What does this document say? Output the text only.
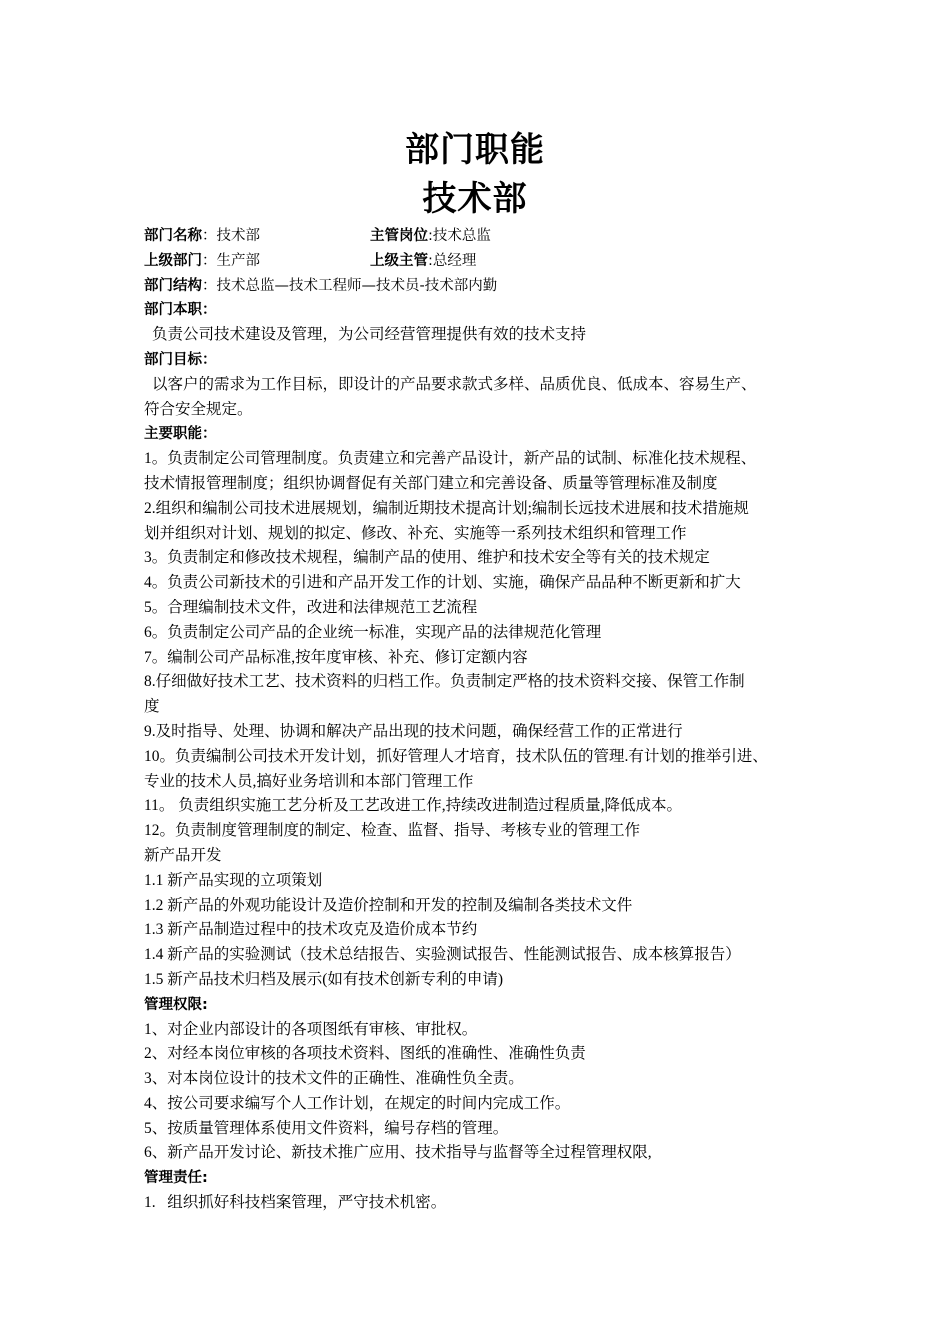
部门职能
技术部
部门名称：技术部	主管岗位:技术总监
上级部门：生产部	上级主管:总经理
部门结构：技术总监—技术工程师—技术员-技术部内勤
部门本职：
负责公司技术建设及管理，为公司经营管理提供有效的技术支持
部门目标：
以客户的需求为工作目标，即设计的产品要求款式多样、品质优良、低成本、容易生产、
符合安全规定。
主要职能：
1。负责制定公司管理制度。负责建立和完善产品设计，新产品的试制、标准化技术规程、
技术情报管理制度；组织协调督促有关部门建立和完善设备、质量等管理标准及制度
2.组织和编制公司技术进展规划，编制近期技术提高计划;编制长远技术进展和技术措施规
划并组织对计划、规划的拟定、修改、补充、实施等一系列技术组织和管理工作
3。负责制定和修改技术规程，编制产品的使用、维护和技术安全等有关的技术规定
4。负责公司新技术的引进和产品开发工作的计划、实施，确保产品品种不断更新和扩大
5。合理编制技术文件，改进和法律规范工艺流程
6。负责制定公司产品的企业统一标准，实现产品的法律规范化管理
7。编制公司产品标准,按年度审核、补充、修订定额内容
8.仔细做好技术工艺、技术资料的归档工作。负责制定严格的技术资料交接、保管工作制
度
9.及时指导、处理、协调和解决产品出现的技术问题，确保经营工作的正常进行
10。负责编制公司技术开发计划，抓好管理人才培育，技术队伍的管理.有计划的推举引进、
专业的技术人员,搞好业务培训和本部门管理工作
11。 负责组织实施工艺分析及工艺改进工作,持续改进制造过程质量,降低成本。
12。负责制度管理制度的制定、检查、监督、指导、考核专业的管理工作
新产品开发
1.1 新产品实现的立项策划
1.2 新产品的外观功能设计及造价控制和开发的控制及编制各类技术文件
1.3 新产品制造过程中的技术攻克及造价成本节约
1.4 新产品的实验测试（技术总结报告、实验测试报告、性能测试报告、成本核算报告）
1.5 新产品技术归档及展示(如有技术创新专利的申请)
管理权限:
1、对企业内部设计的各项图纸有审核、审批权。
2、对经本岗位审核的各项技术资料、图纸的准确性、准确性负责
3、对本岗位设计的技术文件的正确性、准确性负全责。
4、按公司要求编写个人工作计划，在规定的时间内完成工作。
5、按质量管理体系使用文件资料，编号存档的管理。
6、新产品开发讨论、新技术推广应用、技术指导与监督等全过程管理权限,
管理责任:
1.   组织抓好科技档案管理，严守技术机密。
